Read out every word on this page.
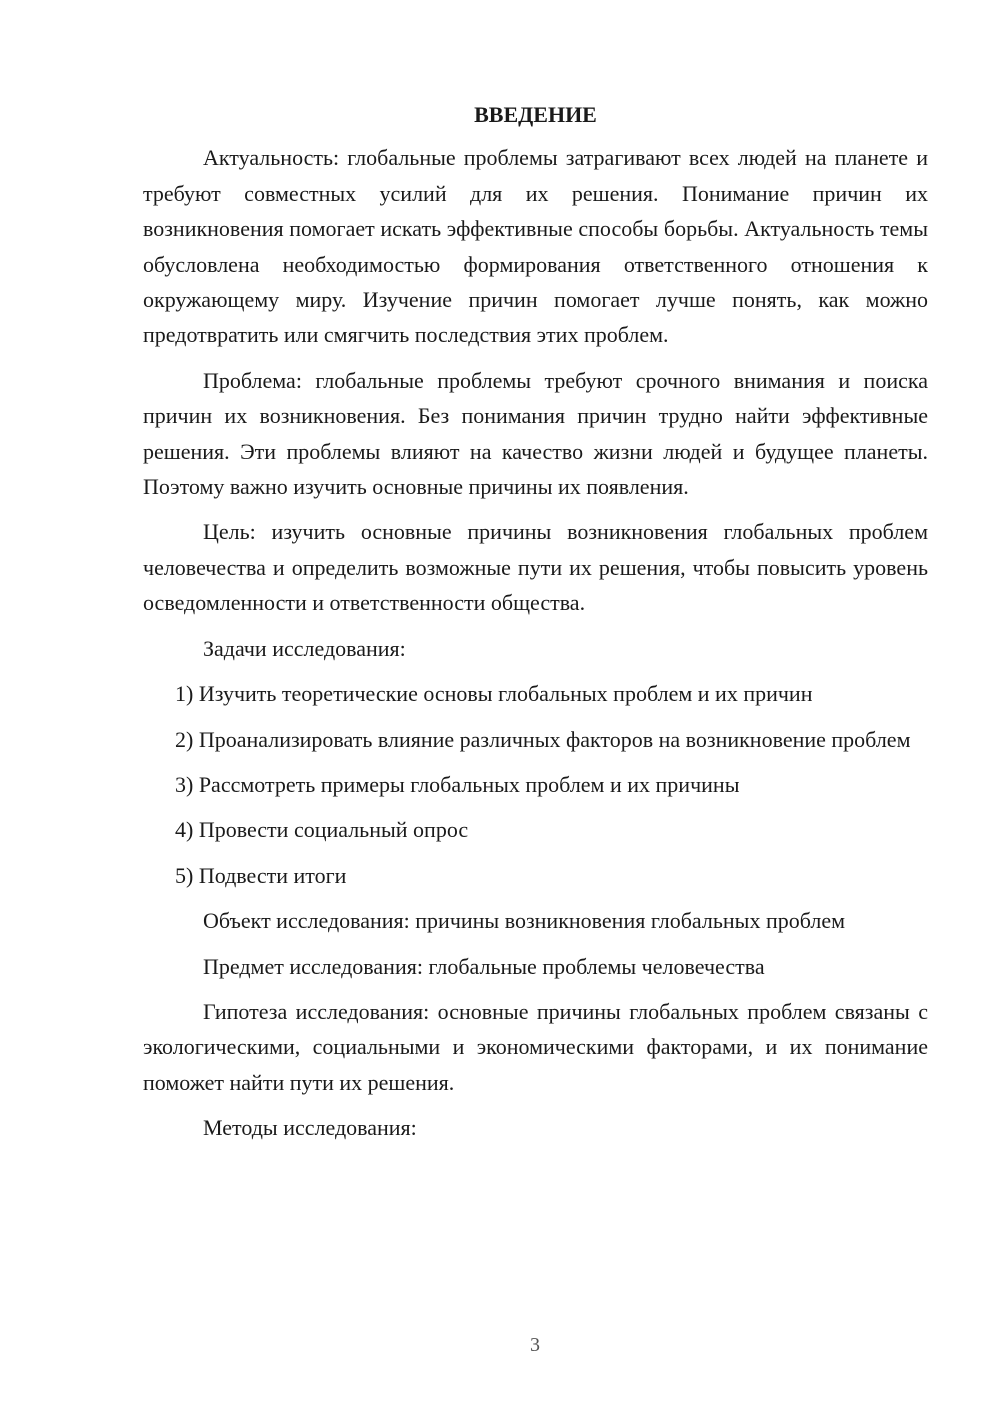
ВВЕДЕНИЕ

Актуальность: глобальные проблемы затрагивают всех людей на планете и требуют совместных усилий для их решения. Понимание причин их возникновения помогает искать эффективные способы борьбы. Актуальность темы обусловлена необходимостью формирования ответственного отношения к окружающему миру. Изучение причин помогает лучше понять, как можно предотвратить или смягчить последствия этих проблем.

Проблема: глобальные проблемы требуют срочного внимания и поиска причин их возникновения. Без понимания причин трудно найти эффективные решения. Эти проблемы влияют на качество жизни людей и будущее планеты. Поэтому важно изучить основные причины их появления.

Цель: изучить основные причины возникновения глобальных проблем человечества и определить возможные пути их решения, чтобы повысить уровень осведомленности и ответственности общества.

Задачи исследования:

1) Изучить теоретические основы глобальных проблем и их причин

2) Проанализировать влияние различных факторов на возникновение проблем

3) Рассмотреть примеры глобальных проблем и их причины

4) Провести социальный опрос

5) Подвести итоги

Объект исследования: причины возникновения глобальных проблем

Предмет исследования: глобальные проблемы человечества

Гипотеза исследования: основные причины глобальных проблем связаны с экологическими, социальными и экономическими факторами, и их понимание поможет найти пути их решения.

Методы исследования:

3
